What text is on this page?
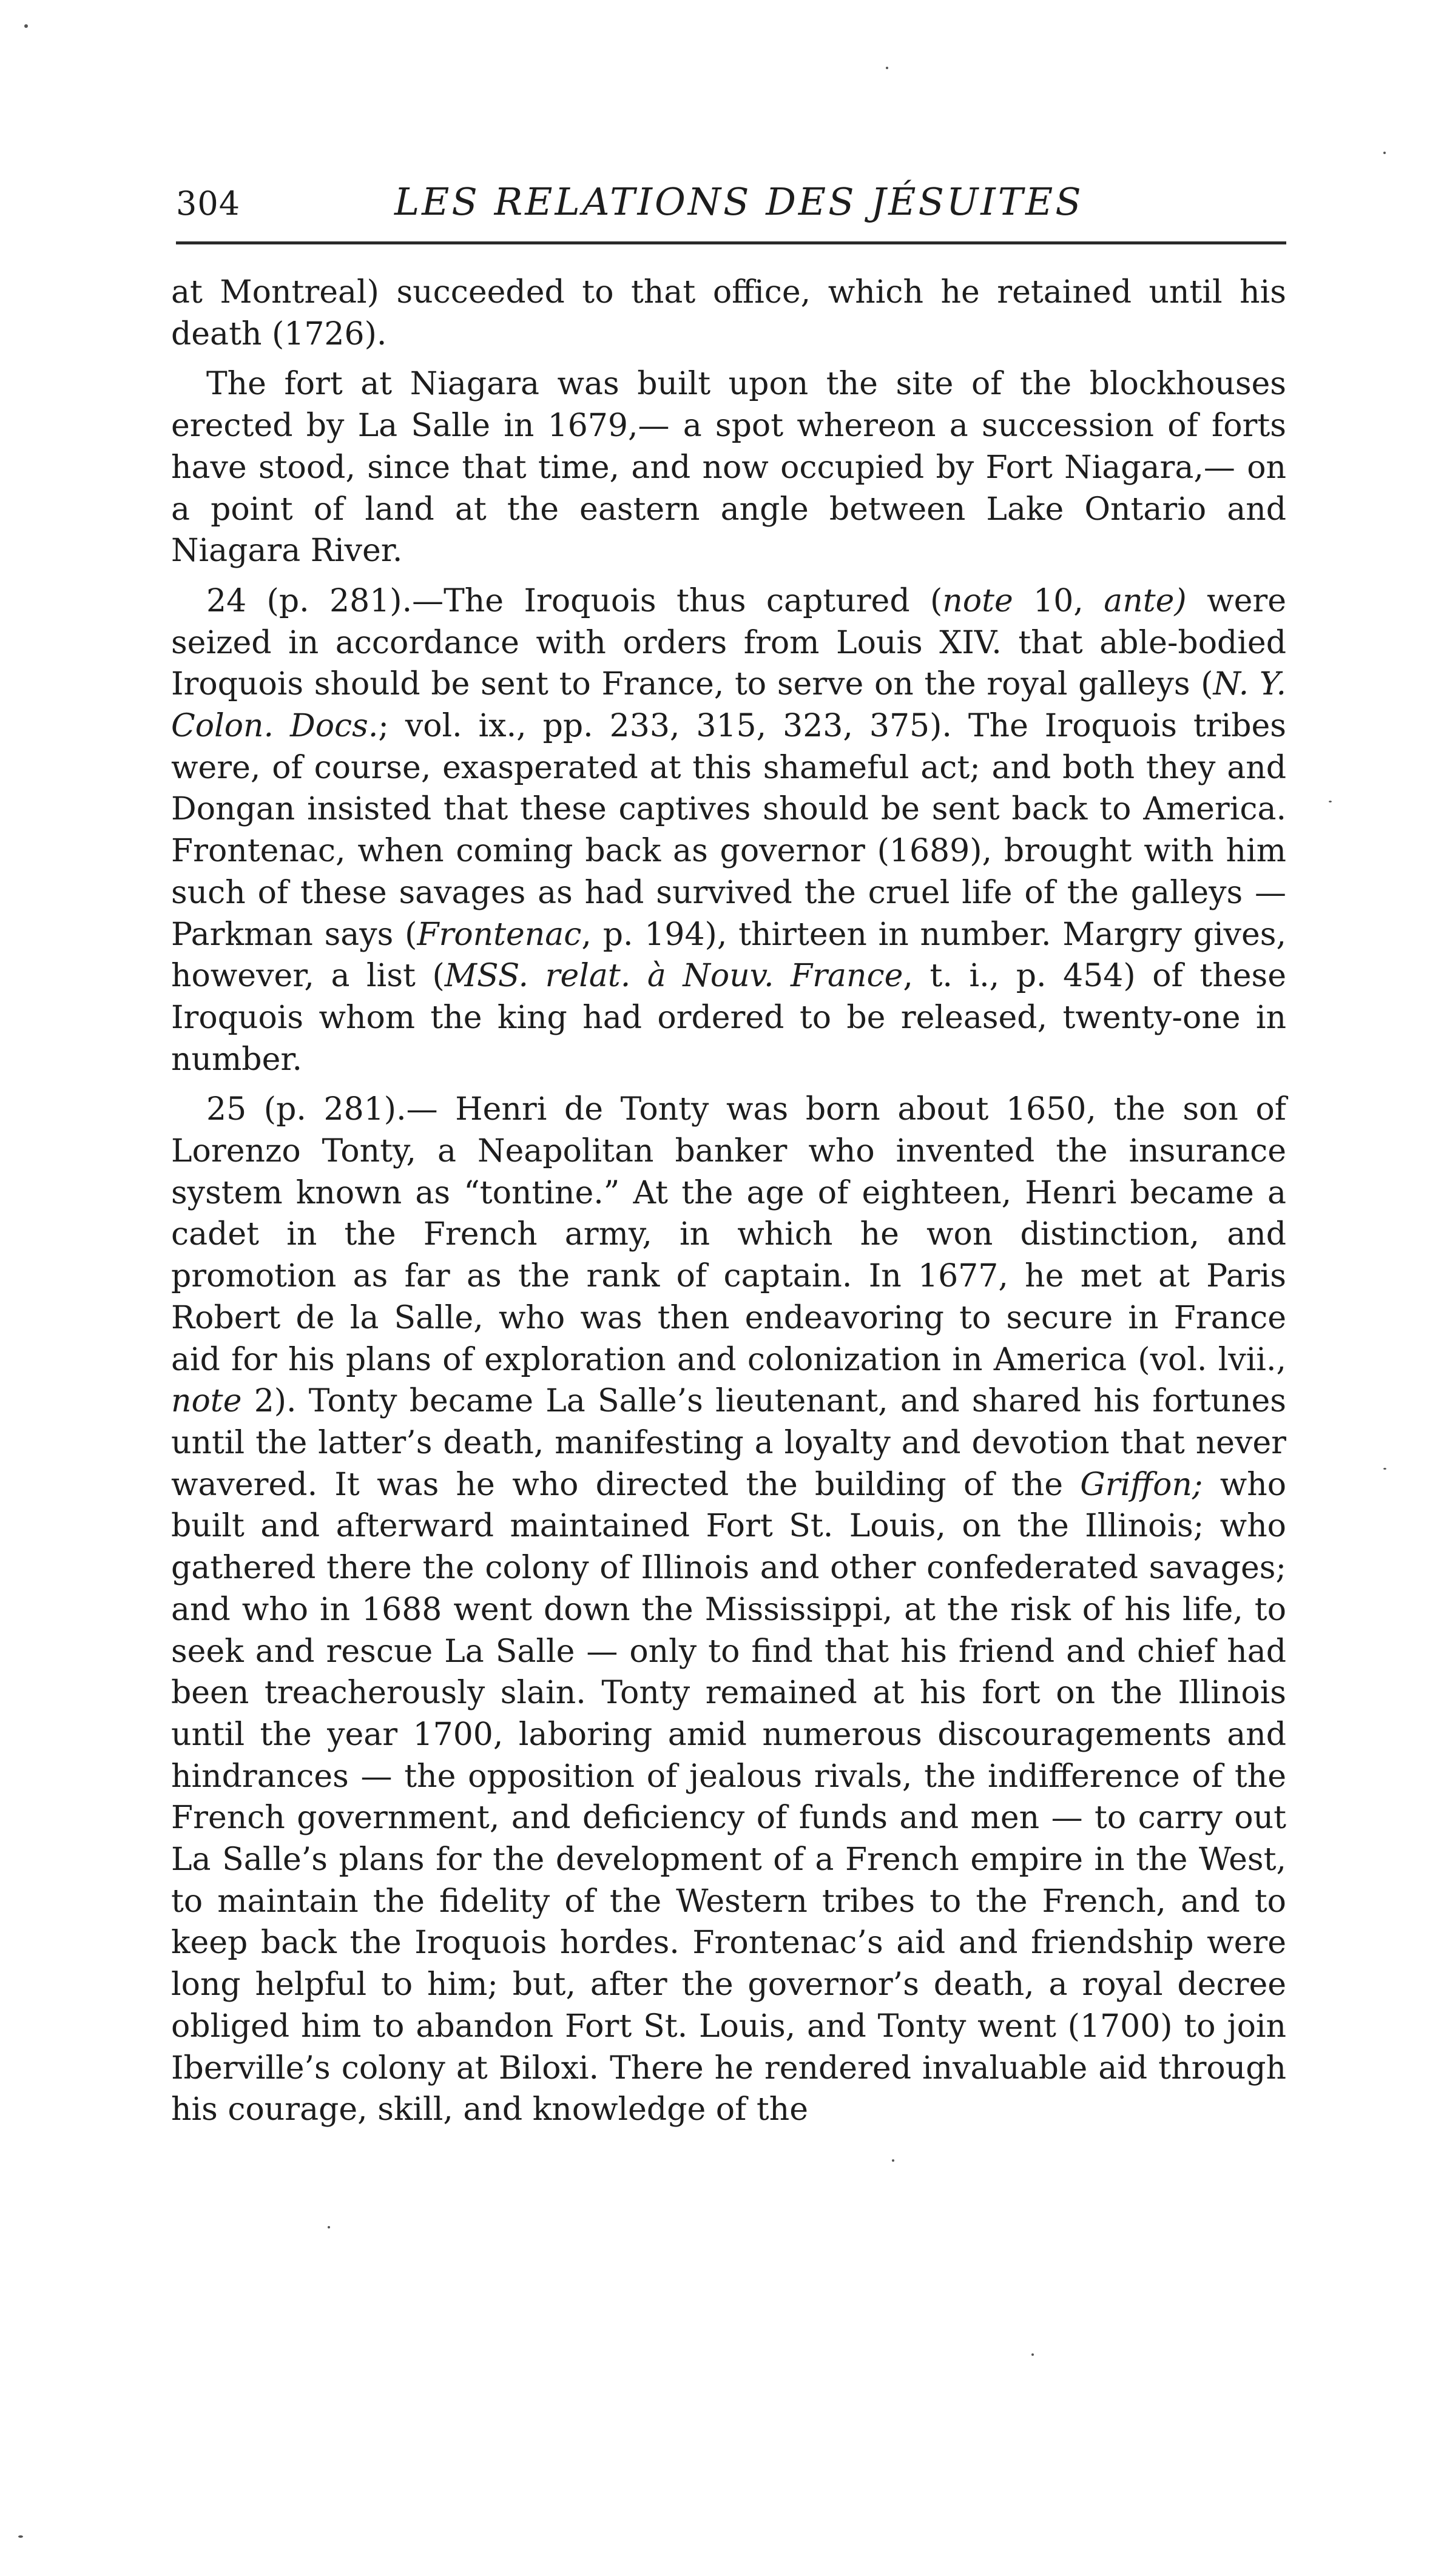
304	LES RELATIONS DES JÉSUITES

at Montreal) succeeded to that office, which he retained until his death (1726).

The fort at Niagara was built upon the site of the blockhouses erected by La Salle in 1679,— a spot whereon a succession of forts have stood, since that time, and now occupied by Fort Niagara,— on a point of land at the eastern angle between Lake Ontario and Niagara River.

24 (p. 281).—The Iroquois thus captured (note 10, ante) were seized in accordance with orders from Louis XIV. that able-bodied Iroquois should be sent to France, to serve on the royal galleys (N. Y. Colon. Docs.; vol. ix., pp. 233, 315, 323, 375). The Iroquois tribes were, of course, exasperated at this shameful act; and both they and Dongan insisted that these captives should be sent back to America. Frontenac, when coming back as governor (1689), brought with him such of these savages as had survived the cruel life of the galleys — Parkman says (Frontenac, p. 194), thirteen in number. Margry gives, however, a list (MSS. relat. à Nouv. France, t. i., p. 454) of these Iroquois whom the king had ordered to be released, twenty-one in number.

25 (p. 281).— Henri de Tonty was born about 1650, the son of Lorenzo Tonty, a Neapolitan banker who invented the insurance system known as “tontine.” At the age of eighteen, Henri became a cadet in the French army, in which he won distinction, and promotion as far as the rank of captain. In 1677, he met at Paris Robert de la Salle, who was then endeavoring to secure in France aid for his plans of exploration and colonization in America (vol. lvii., note 2). Tonty became La Salle’s lieutenant, and shared his fortunes until the latter’s death, manifesting a loyalty and devotion that never wavered. It was he who directed the building of the Griffon; who built and afterward maintained Fort St. Louis, on the Illinois; who gathered there the colony of Illinois and other confederated savages; and who in 1688 went down the Mississippi, at the risk of his life, to seek and rescue La Salle — only to find that his friend and chief had been treacherously slain. Tonty remained at his fort on the Illinois until the year 1700, laboring amid numerous discouragements and hindrances — the opposition of jealous rivals, the indifference of the French government, and deficiency of funds and men — to carry out La Salle’s plans for the development of a French empire in the West, to maintain the fidelity of the Western tribes to the French, and to keep back the Iroquois hordes. Frontenac’s aid and friendship were long helpful to him; but, after the governor’s death, a royal decree obliged him to abandon Fort St. Louis, and Tonty went (1700) to join Iberville’s colony at Biloxi. There he rendered invaluable aid through his courage, skill, and knowledge of the
